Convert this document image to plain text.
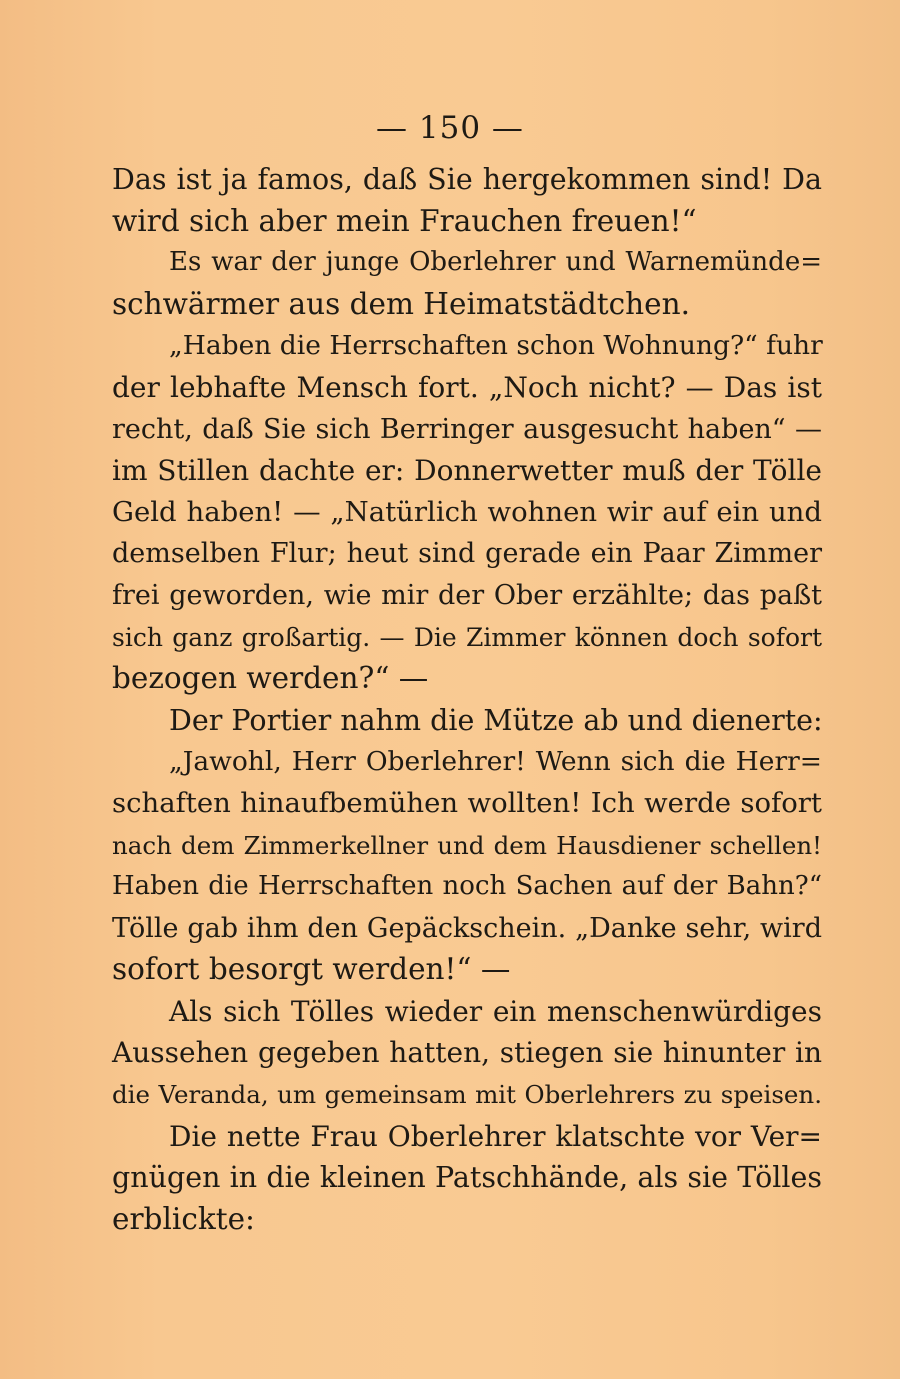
— 150 —
Das ist ja famos, daß Sie hergekommen sind! Da
wird sich aber mein Frauchen freuen!“
Es war der junge Oberlehrer und Warnemünde=
schwärmer aus dem Heimatstädtchen.
„Haben die Herrschaften schon Wohnung?“ fuhr
der lebhafte Mensch fort. „Noch nicht? — Das ist
recht, daß Sie sich Berringer ausgesucht haben“ —
im Stillen dachte er: Donnerwetter muß der Tölle
Geld haben! — „Natürlich wohnen wir auf ein und
demselben Flur; heut sind gerade ein Paar Zimmer
frei geworden, wie mir der Ober erzählte; das paßt
sich ganz großartig. — Die Zimmer können doch sofort
bezogen werden?“ —
Der Portier nahm die Mütze ab und dienerte:
„Jawohl, Herr Oberlehrer! Wenn sich die Herr=
schaften hinaufbemühen wollten! Ich werde sofort
nach dem Zimmerkellner und dem Hausdiener schellen!
Haben die Herrschaften noch Sachen auf der Bahn?“
Tölle gab ihm den Gepäckschein. „Danke sehr, wird
sofort besorgt werden!“ —
Als sich Tölles wieder ein menschenwürdiges
Aussehen gegeben hatten, stiegen sie hinunter in
die Veranda, um gemeinsam mit Oberlehrers zu speisen.
Die nette Frau Oberlehrer klatschte vor Ver=
gnügen in die kleinen Patschhände, als sie Tölles
erblickte:
